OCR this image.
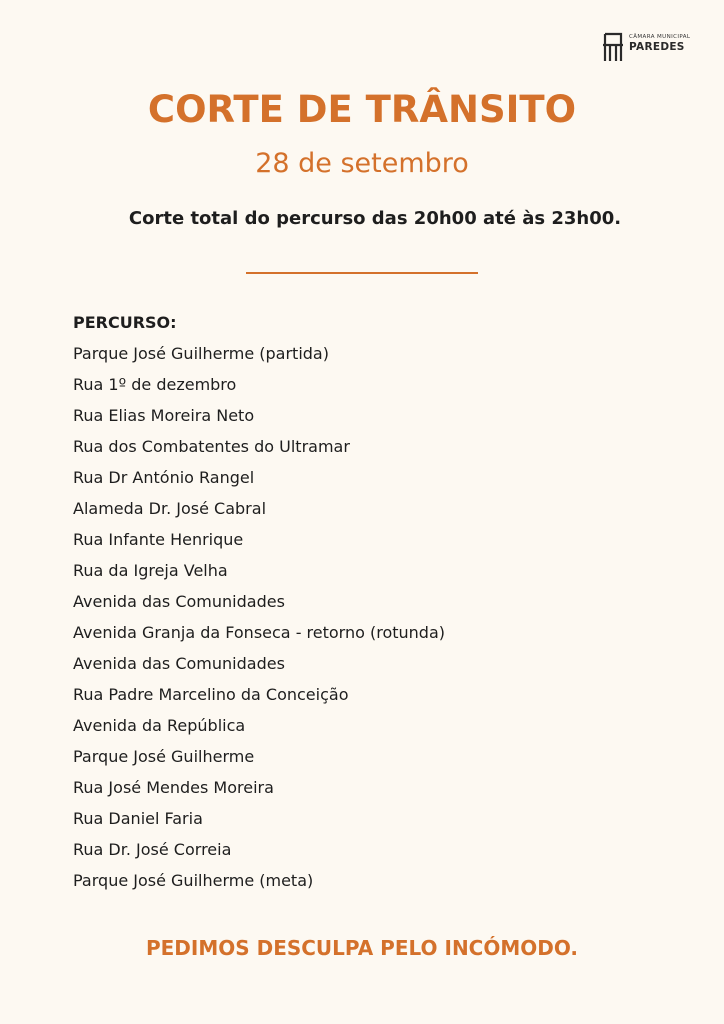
CÂMARA MUNICIPAL
PAREDES
CORTE DE TRÂNSITO
28 de setembro
Corte total do percurso das 20h00 até às 23h00.
PERCURSO:
Parque José Guilherme (partida)
Rua 1º de dezembro
Rua Elias Moreira Neto
Rua dos Combatentes do Ultramar
Rua Dr António Rangel
Alameda Dr. José Cabral
Rua Infante Henrique
Rua da Igreja Velha
Avenida das Comunidades
Avenida Granja da Fonseca - retorno (rotunda)
Avenida das Comunidades
Rua Padre Marcelino da Conceição
Avenida da República
Parque José Guilherme
Rua José Mendes Moreira
Rua Daniel Faria
Rua Dr. José Correia
Parque José Guilherme (meta)
PEDIMOS DESCULPA PELO INCÓMODO.
